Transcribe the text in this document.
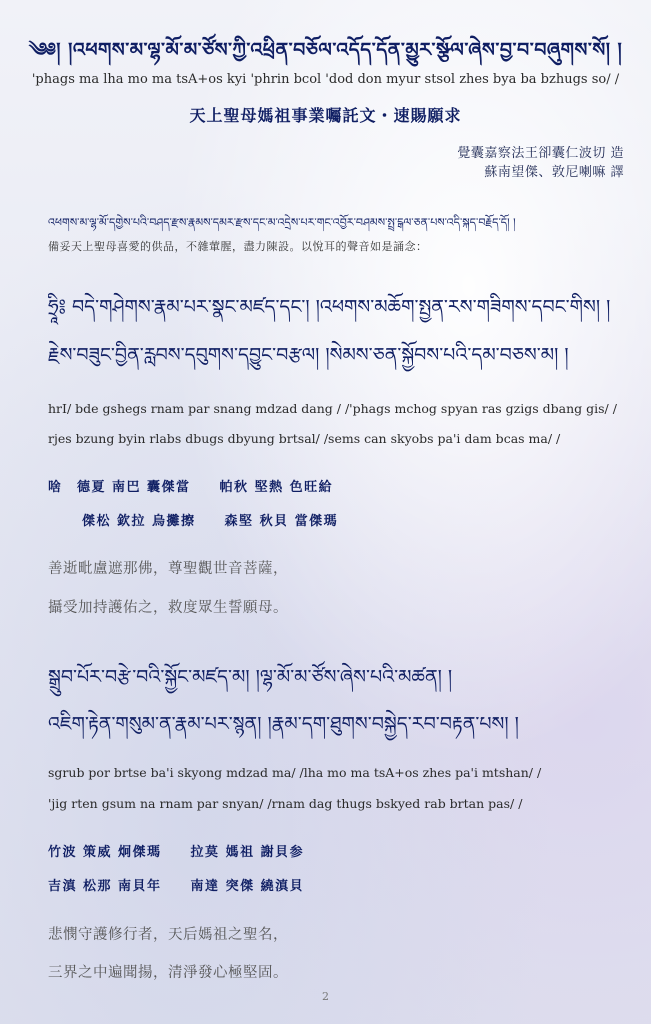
༄༅། །འཕགས་མ་ལྷ་མོ་མ་ཙོས་ཀྱི་འཕྲིན་བཅོལ་འདོད་དོན་མྱུར་སྩོལ་ཞེས་བྱ་བ་བཞུགས་སོ། །
'phags ma lha mo ma tsA+os kyi 'phrin bcol 'dod don myur stsol zhes bya ba bzhugs so/ /
天上聖母媽祖事業囑託文・速賜願求
覺囊嘉察法王卻囊仁波切 造
蘇南望傑、敦尼喇嘛 譯
འཕགས་མ་ལྷ་མོ་དགྱེས་པའི་བཤད་རྫས་རྣམས་དམར་རྫས་དང་མ་འདྲེས་པར་གང་འབྱོར་བཤམས་སྤྲ་ངྒལ་ཅན་པས་འདི་སྐད་བརྗོད་དོ། །
備妥天上聖母喜愛的供品，不雜葷腥，盡力陳設。以悅耳的聲音如是誦念：
ཧྲཱི༔ བདེ་གཤེགས་རྣམ་པར་སྣང་མཛད་དང་། །འཕགས་མཆོག་སྤྱན་རས་གཟིགས་དབང་གིས། །
རྗེས་བཟུང་བྱིན་རླབས་དབུགས་དབྱུང་བརྩལ། །སེམས་ཅན་སྐྱོབས་པའི་དམ་བཅས་མ། །
hrI/ bde gshegs rnam par snang mdzad dang / /'phags mchog spyan ras gzigs dbang gis/ /
rjes bzung byin rlabs dbugs dbyung brtsal/ /sems can skyobs pa'i dam bcas ma/ /
啥　德夏 南巴 囊傑當　　帕秋 堅熱 色旺給
傑松 欽拉 烏攤擦　　森堅 秋貝 當傑瑪
善逝毗盧遮那佛，尊聖觀世音菩薩，
攝受加持護佑之，救度眾生誓願母。
སྒྲུབ་པོར་བརྩེ་བའི་སྐྱོང་མཛད་མ། །ལྷ་མོ་མ་ཙོས་ཞེས་པའི་མཚན། །
འཇིག་རྟེན་གསུམ་ན་རྣམ་པར་སྙན། །རྣམ་དག་ཐུགས་བསྐྱེད་རབ་བརྟན་པས། །
sgrub por brtse ba'i skyong mdzad ma/ /lha mo ma tsA+os zhes pa'i mtshan/ /
'jig rten gsum na rnam par snyan/ /rnam dag thugs bskyed rab brtan pas/ /
竹波 策威 炯傑瑪　　拉莫 媽祖 謝貝参
吉滇 松那 南貝年　　南達 突傑 繞滇貝
悲憫守護修行者，天后媽祖之聖名，
三界之中遍聞揚，清淨發心極堅固。
2
